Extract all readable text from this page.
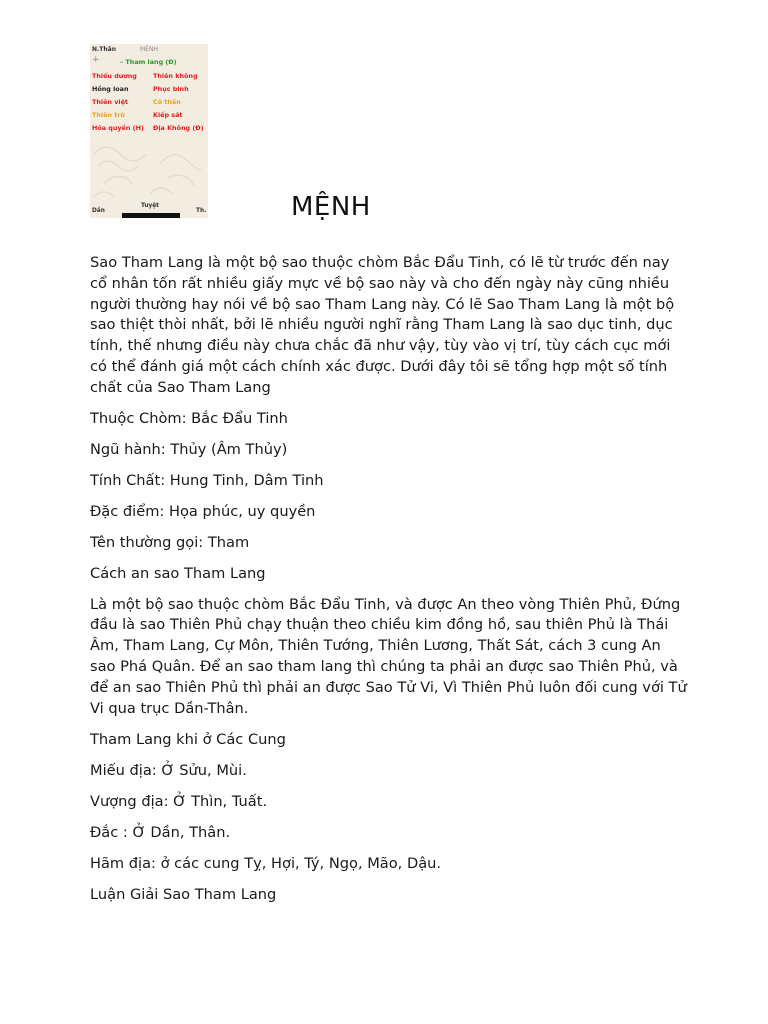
N.Thân	MỆNH
+	– Tham lang (Đ)
Thiếu dương	Thiên không
Hồng loan	Phục binh
Thiên việt	Cô thần
Thiên trù	Kiếp sát
Hóa quyền (H) Địa Không (Đ)
Dần
Tuyệt
Th.	MỆNH

Sao Tham Lang là một bộ sao thuộc chòm Bắc Đẩu Tinh, có lẽ từ trước đến nay cổ nhân tốn rất nhiều giấy mực về bộ sao này và cho đến ngày này cũng nhiều người thường hay nói về bộ sao Tham Lang này. Có lẽ Sao Tham Lang là một bộ sao thiệt thòi nhất, bởi lẽ nhiều người nghĩ rằng Tham Lang là sao dục tinh, dục tính, thế nhưng điều này chưa chắc đã như vậy, tùy vào vị trí, tùy cách cục mới có thể đánh giá một cách chính xác được. Dưới đây tôi sẽ tổng hợp một số tính chất của Sao Tham Lang

Thuộc Chòm: Bắc Đẩu Tinh

Ngũ hành: Thủy (Âm Thủy)

Tính Chất: Hung Tinh, Dâm Tinh

Đặc điểm: Họa phúc, uy quyền

Tên thường gọi: Tham

Cách an sao Tham Lang

Là một bộ sao thuộc chòm Bắc Đẩu Tinh, và được An theo vòng Thiên Phủ, Đứng đầu là sao Thiên Phủ chạy thuận theo chiều kim đồng hồ, sau thiên Phủ là Thái Âm, Tham Lang, Cự Môn, Thiên Tướng, Thiên Lương, Thất Sát, cách 3 cung An sao Phá Quân. Để an sao tham lang thì chúng ta phải an được sao Thiên Phủ, và để an sao Thiên Phủ thì phải an được Sao Tử Vi, Vì Thiên Phủ luôn đối cung với Tử Vi qua trục Dần-Thân.

Tham Lang khi ở Các Cung

Miếu địa: Ở Sửu, Mùi.

Vượng địa: Ở Thìn, Tuất.

Đắc : Ở Dần, Thân.

Hãm địa: ở các cung Tỵ, Hợi, Tý, Ngọ, Mão, Dậu.

Luận Giải Sao Tham Lang
